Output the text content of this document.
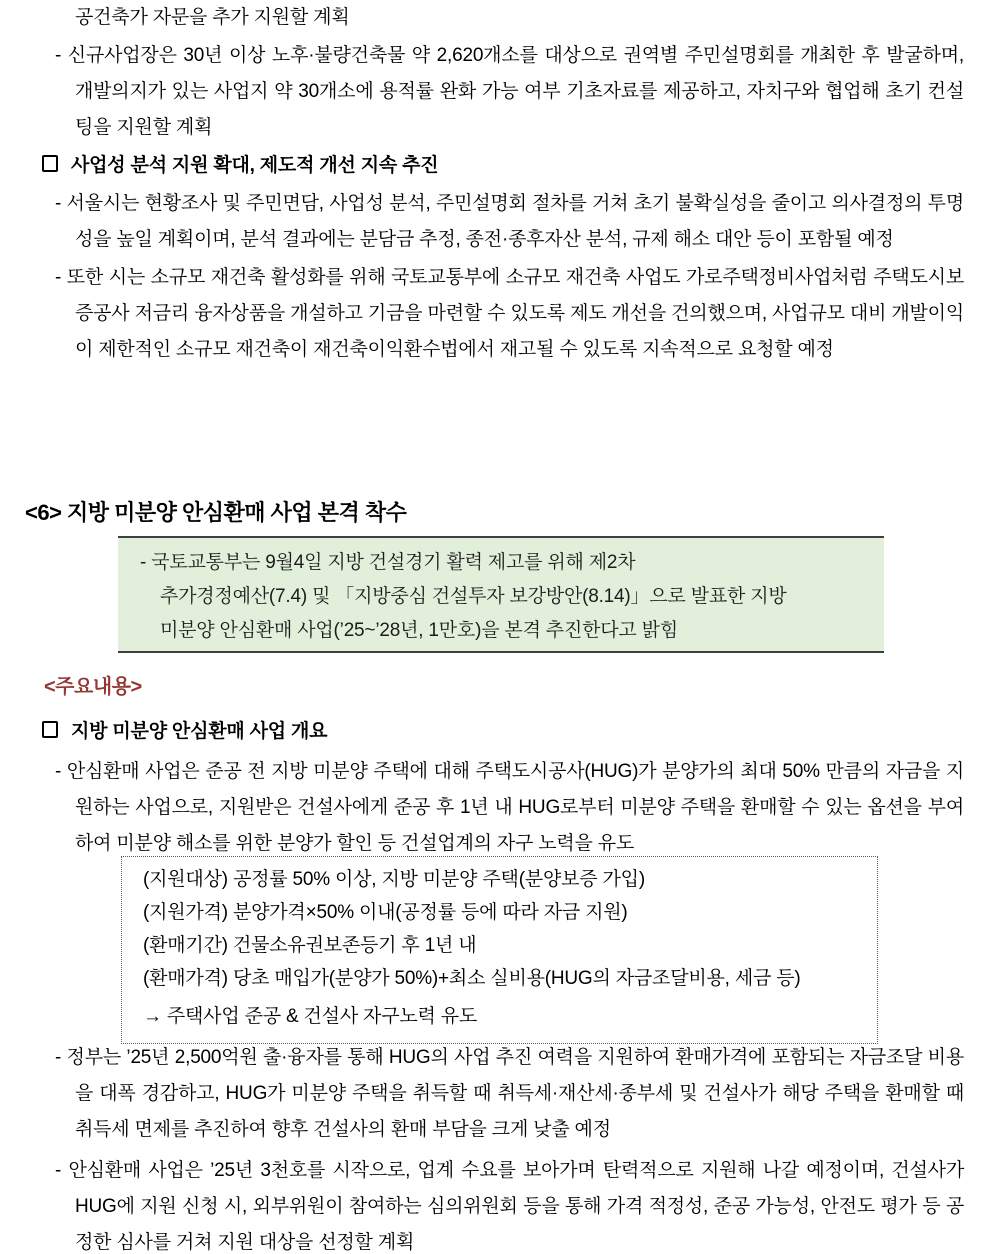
공건축가 자문을 추가 지원할 계획

- 신규사업장은 30년 이상 노후·불량건축물 약 2,620개소를 대상으로 권역별 주민설명회를 개최한 후 발굴하며, 개발의지가 있는 사업지 약 30개소에 용적률 완화 가능 여부 기초자료를 제공하고, 자치구와 협업해 초기 컨설팅을 지원할 계획

사업성 분석 지원 확대, 제도적 개선 지속 추진

- 서울시는 현황조사 및 주민면담, 사업성 분석, 주민설명회 절차를 거쳐 초기 불확실성을 줄이고 의사결정의 투명성을 높일 계획이며, 분석 결과에는 분담금 추정, 종전·종후자산 분석, 규제 해소 대안 등이 포함될 예정

- 또한 시는 소규모 재건축 활성화를 위해 국토교통부에 소규모 재건축 사업도 가로주택정비사업처럼 주택도시보증공사 저금리 융자상품을 개설하고 기금을 마련할 수 있도록 제도 개선을 건의했으며, 사업규모 대비 개발이익이 제한적인 소규모 재건축이 재건축이익환수법에서 재고될 수 있도록 지속적으로 요청할 예정

<6> 지방 미분양 안심환매 사업 본격 착수

- 국토교통부는 9월4일 지방 건설경기 활력 제고를 위해 제2차

추가경정예산(7.4) 및 「지방중심 건설투자 보강방안(8.14)」으로 발표한 지방

미분양 안심환매 사업(’25~’28년, 1만호)을 본격 추진한다고 밝힘

<주요내용>

지방 미분양 안심환매 사업 개요

- 안심환매 사업은 준공 전 지방 미분양 주택에 대해 주택도시공사(HUG)가 분양가의 최대 50% 만큼의 자금을 지원하는 사업으로, 지원받은 건설사에게 준공 후 1년 내 HUG로부터 미분양 주택을 환매할 수 있는 옵션을 부여하여 미분양 해소를 위한 분양가 할인 등 건설업계의 자구 노력을 유도

(지원대상) 공정률 50% 이상, 지방 미분양 주택(분양보증 가입)

(지원가격) 분양가격×50% 이내(공정률 등에 따라 자금 지원)

(환매기간) 건물소유권보존등기 후 1년 내

(환매가격) 당초 매입가(분양가 50%)+최소 실비용(HUG의 자금조달비용, 세금 등)

→ 주택사업 준공 & 건설사 자구노력 유도

- 정부는 ’25년 2,500억원 출·융자를 통해 HUG의 사업 추진 여력을 지원하여 환매가격에 포함되는 자금조달 비용을 대폭 경감하고, HUG가 미분양 주택을 취득할 때 취득세·재산세·종부세 및 건설사가 해당 주택을 환매할 때 취득세 면제를 추진하여 향후 건설사의 환매 부담을 크게 낮출 예정

- 안심환매 사업은 ’25년 3천호를 시작으로, 업계 수요를 보아가며 탄력적으로 지원해 나갈 예정이며, 건설사가 HUG에 지원 신청 시, 외부위원이 참여하는 심의위원회 등을 통해 가격 적정성, 준공 가능성, 안전도 평가 등 공정한 심사를 거쳐 지원 대상을 선정할 계획
